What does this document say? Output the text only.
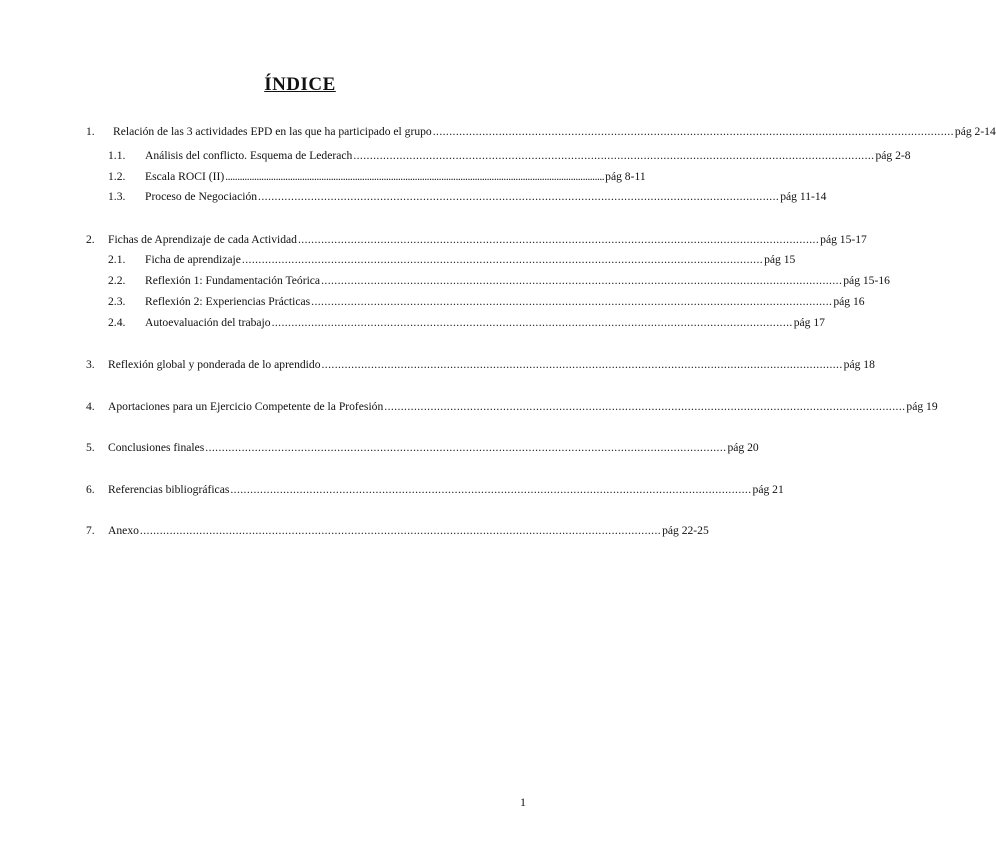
ÍNDICE
1. Relación de las 3 actividades EPD en las que ha participado el grupo .............................................................................................................................................................. pág 2-14
1.1. Análisis del conflicto. Esquema de Lederach .............................................................................................................................................................. pág 2-8
1.2. Escala ROCI (II) .............................................................................................................................................................. pág 8-11
1.3. Proceso de Negociación .............................................................................................................................................................. pág 11-14
2. Fichas de Aprendizaje de cada Actividad .............................................................................................................................................................. pág 15-17
2.1. Ficha de aprendizaje .............................................................................................................................................................. pág 15
2.2. Reflexión 1: Fundamentación Teórica .............................................................................................................................................................. pág 15-16
2.3. Reflexión 2: Experiencias Prácticas .............................................................................................................................................................. pág 16
2.4. Autoevaluación del trabajo .............................................................................................................................................................. pág 17
3. Reflexión global y ponderada de lo aprendido .............................................................................................................................................................. pág 18
4. Aportaciones para un Ejercicio Competente de la Profesión .............................................................................................................................................................. pág 19
5. Conclusiones finales .............................................................................................................................................................. pág 20
6. Referencias bibliográficas .............................................................................................................................................................. pág 21
7. Anexo .............................................................................................................................................................. pág 22-25
1
